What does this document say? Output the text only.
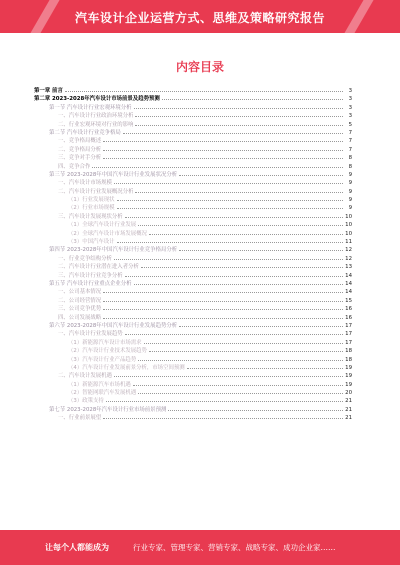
汽车设计企业运营方式、思维及策略研究报告
内容目录
第一章 前言	3
第二章 2023-2028年汽车设计市场前景及趋势预测	3
第一节 汽车设计行业宏观环境分析	3
一、汽车设计行业政治环境分析	3
二、行业宏观环境对行业的影响	5
第二节 汽车设计行业竞争格局	7
一、竞争格局概述	7
二、竞争格局分析	7
三、竞争对手分析	8
四、竞争合作	8
第三节 2023-2028年中国汽车设计行业发展状况分析	9
一、汽车设计市场规模	9
二、汽车设计行业发展概况分析	9
（1）行业发展现状	9
（2）行业市场规模	9
三、汽车设计发展现状分析	10
（1）全球汽车设计行业发展	10
（2）全球汽车设计市场发展概况	10
（3）中国汽车设计	11
第四节 2023-2028年中国汽车设计行业竞争格局分析	12
一、行业竞争结构分析	12
二、汽车设计行业潜在进入者分析	13
三、汽车设计行业竞争分析	14
第五节 汽车设计行业重点企业分析	14
一、公司基本情况	14
二、公司经营情况	15
三、公司竞争优势	16
四、公司发展战略	16
第六节 2023-2028年中国汽车设计行业发展趋势分析	17
一、汽车设计行业发展趋势	17
（1）新能源汽车设计市场需求	17
（2）汽车设计行业技术发展趋势	18
（3）汽车设计行业产品趋势	18
（4）汽车设计行业发展前景分析，市场空间预测	19
二、汽车设计发展机遇	19
（1）新能源汽车市场机遇	19
（2）智能网联汽车发展机遇	20
（3）政策支持	21
第七节 2023-2028年汽车设计行业市场前景预测	21
一、行业前景展望	21
让每个人都能成为	行业专家、管理专家、营销专家、战略专家、成功企业家……
